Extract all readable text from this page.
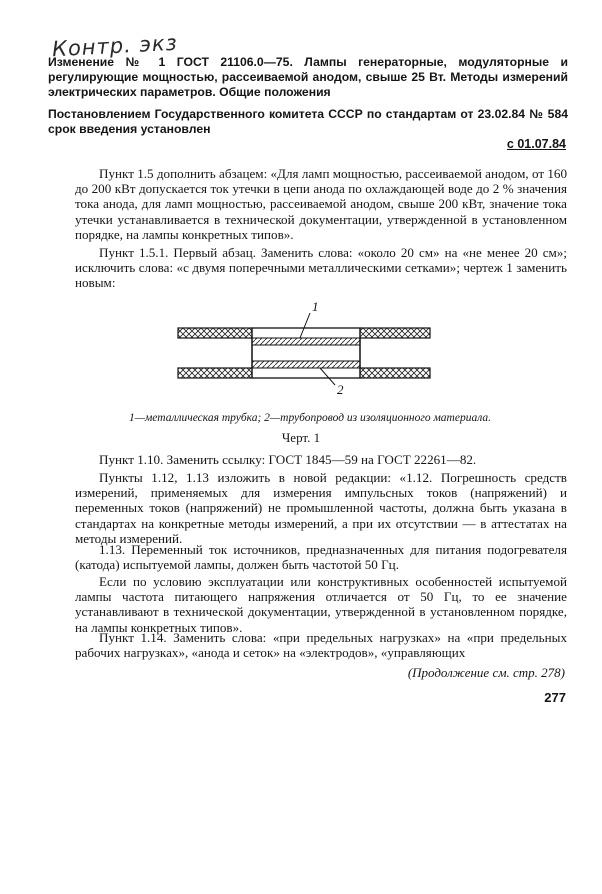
Контр. экз

Изменение № 1 ГОСТ 21106.0—75. Лампы генераторные, модуляторные и регулирующие мощностью, рассеиваемой анодом, свыше 25 Вт. Методы измерений электрических параметров. Общие положения

Постановлением Государственного комитета СССР по стандартам от 23.02.84 № 584 срок введения установлен

с 01.07.84

Пункт 1.5 дополнить абзацем: «Для ламп мощностью, рассеиваемой анодом, от 160 до 200 кВт допускается ток утечки в цепи анода по охлаждающей воде до 2 % значения тока анода, для ламп мощностью, рассеиваемой анодом, свыше 200 кВт, значение тока утечки устанавливается в технической документации, утвержденной в установленном порядке, на лампы конкретных типов».

Пункт 1.5.1. Первый абзац. Заменить слова: «около 20 см» на «не менее 20 см»; исключить слова: «с двумя поперечными металлическими сетками»; чертеж 1 заменить новым:

1
2
1—металлическая трубка; 2—трубопровод из изоляционного материала.
Черт. 1

Пункт 1.10. Заменить ссылку: ГОСТ 1845—59 на ГОСТ 22261—82.

Пункты 1.12, 1.13 изложить в новой редакции: «1.12. Погрешность средств измерений, применяемых для измерения импульсных токов (напряжений) и переменных токов (напряжений) не промышленной частоты, должна быть указана в стандартах на конкретные методы измерений, а при их отсутствии — в аттестатах на методы измерений.

1.13. Переменный ток источников, предназначенных для питания подогревателя (катода) испытуемой лампы, должен быть частотой 50 Гц.

Если по условию эксплуатации или конструктивных особенностей испытуемой лампы частота питающего напряжения отличается от 50 Гц, то ее значение устанавливают в технической документации, утвержденной в установленном порядке, на лампы конкретных типов».

Пункт 1.14. Заменить слова: «при предельных нагрузках» на «при предельных рабочих нагрузках», «анода и сеток» на «электродов», «управляющих

(Продолжение см. стр. 278)
277
